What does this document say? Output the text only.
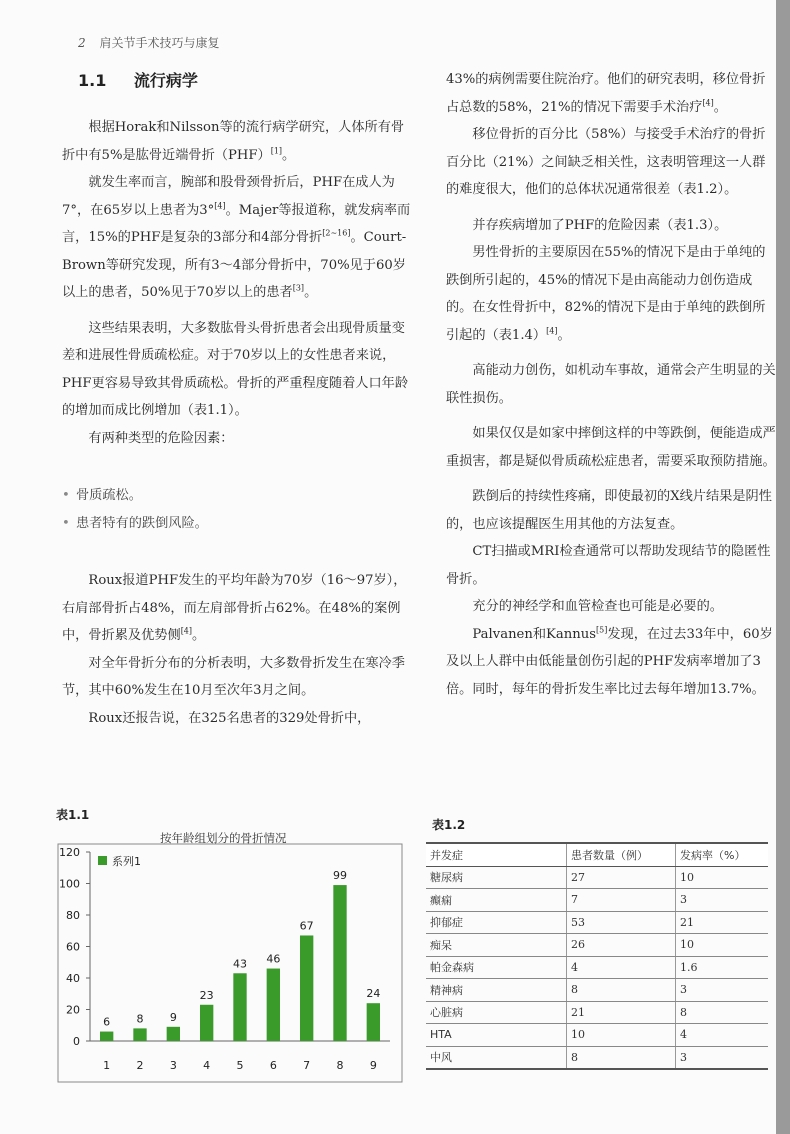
2 肩关节手术技巧与康复
1.1 流行病学

根据Horak和Nilsson等的流行病学研究，人体所有骨折中有5%是肱骨近端骨折（PHF）[1]。

就发生率而言，腕部和股骨颈骨折后，PHF在成人为7°，在65岁以上患者为3°[4]。Majer等报道称，就发病率而言，15%的PHF是复杂的3部分和4部分骨折[2~16]。Court-Brown等研究发现，所有3～4部分骨折中，70%见于60岁以上的患者，50%见于70岁以上的患者[3]。

这些结果表明，大多数肱骨头骨折患者会出现骨质量变差和进展性骨质疏松症。对于70岁以上的女性患者来说，PHF更容易导致其骨质疏松。骨折的严重程度随着人口年龄的增加而成比例增加（表1.1）。

有两种类型的危险因素：

• 骨质疏松。

• 患者特有的跌倒风险。

Roux报道PHF发生的平均年龄为70岁（16～97岁），右肩部骨折占48%，而左肩部骨折占62%。在48%的案例中，骨折累及优势侧[4]。

对全年骨折分布的分析表明，大多数骨折发生在寒冷季节，其中60%发生在10月至次年3月之间。

Roux还报告说，在325名患者的329处骨折中，

43%的病例需要住院治疗。他们的研究表明，移位骨折占总数的58%，21%的情况下需要手术治疗[4]。

移位骨折的百分比（58%）与接受手术治疗的骨折百分比（21%）之间缺乏相关性，这表明管理这一人群的难度很大，他们的总体状况通常很差（表1.2）。

并存疾病增加了PHF的危险因素（表1.3）。

男性骨折的主要原因在55%的情况下是由于单纯的跌倒所引起的，45%的情况下是由高能动力创伤造成的。在女性骨折中，82%的情况下是由于单纯的跌倒所引起的（表1.4）[4]。

高能动力创伤，如机动车事故，通常会产生明显的关联性损伤。

如果仅仅是如家中摔倒这样的中等跌倒，便能造成严重损害，都是疑似骨质疏松症患者，需要采取预防措施。

跌倒后的持续性疼痛，即使最初的X线片结果是阴性的，也应该提醒医生用其他的方法复查。

CT扫描或MRI检查通常可以帮助发现结节的隐匿性骨折。

充分的神经学和血管检查也可能是必要的。

Palvanen和Kannus[5]发现，在过去33年中，60岁及以上人群中由低能量创伤引起的PHF发病率增加了3倍。同时，每年的骨折发生率比过去每年增加13.7%。

表1.1
表1.2
按年龄组划分的骨折情况
0
20
40
60
80
100
120
6
1
8
2
9
3
23
4
43
5
46
6
67
7
99
8
24
9
系列1	并发症	患者数量（例）	发病率（%）
糖尿病	27	10
癫痫	7	3
抑郁症	53	21
痴呆	26	10
帕金森病	4	1.6
精神病	8	3
心脏病	21	8
HTA	10	4
中风	8	3
